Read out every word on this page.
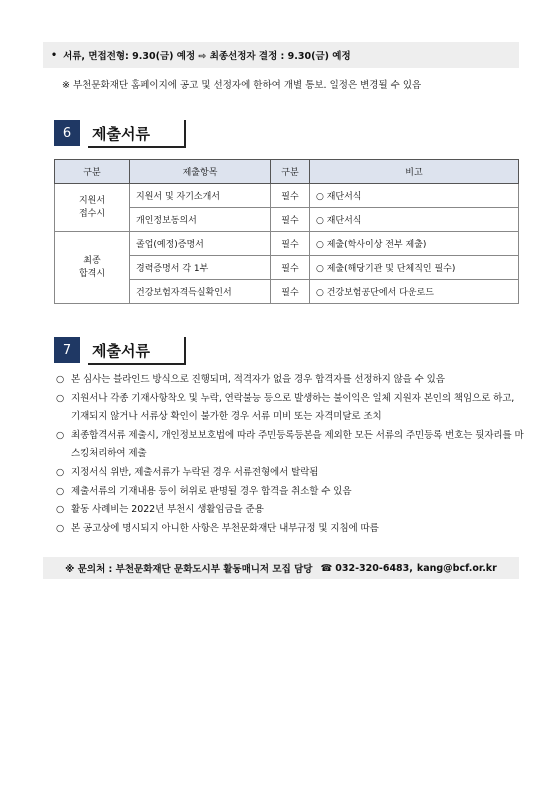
• 서류, 면접전형: 9.30(금) 예정 ⇨ 최종선정자 결정 : 9.30(금) 예정
※ 부천문화재단 홈페이지에 공고 및 선정자에 한하여 개별 통보. 일정은 변경될 수 있음
6	제출서류
구분	제출항목	구분	비고
지원서
접수시	지원서 및 자기소개서	필수	○ 재단서식
	개인정보동의서	필수	○ 재단서식
최종
합격시	졸업(예정)증명서	필수	○ 제출(학사이상 전부 제출)
	경력증명서 각 1부	필수	○ 제출(해당기관 및 단체직인 필수)
	건강보험자격득실확인서	필수	○ 건강보험공단에서 다운로드
7	제출서류
○ 본 심사는 블라인드 방식으로 진행되며, 적격자가 없을 경우 합격자를 선정하지 않을 수 있음
○ 지원서나 각종 기재사항착오 및 누락, 연락불능 등으로 발생하는 불이익은 일체 지원자 본인의 책임으로 하고, 기재되지 않거나 서류상 확인이 불가한 경우 서류 미비 또는 자격미달로 조치
○ 최종합격서류 제출시, 개인정보보호법에 따라 주민등록등본을 제외한 모든 서류의 주민등록 번호는 뒷자리를 마스킹처리하여 제출
○ 지정서식 위반, 제출서류가 누락된 경우 서류전형에서 탈락됨
○ 제출서류의 기재내용 등이 허위로 판명될 경우 합격을 취소할 수 있음
○ 활동 사례비는 2022년 부천시 생활임금을 준용
○ 본 공고상에 명시되지 아니한 사항은 부천문화재단 내부규정 및 지침에 따름
※ 문의처 : 부천문화재단 문화도시부 활동매니저 모집 담당 ☎ 032-320-6483, kang@bcf.or.kr
